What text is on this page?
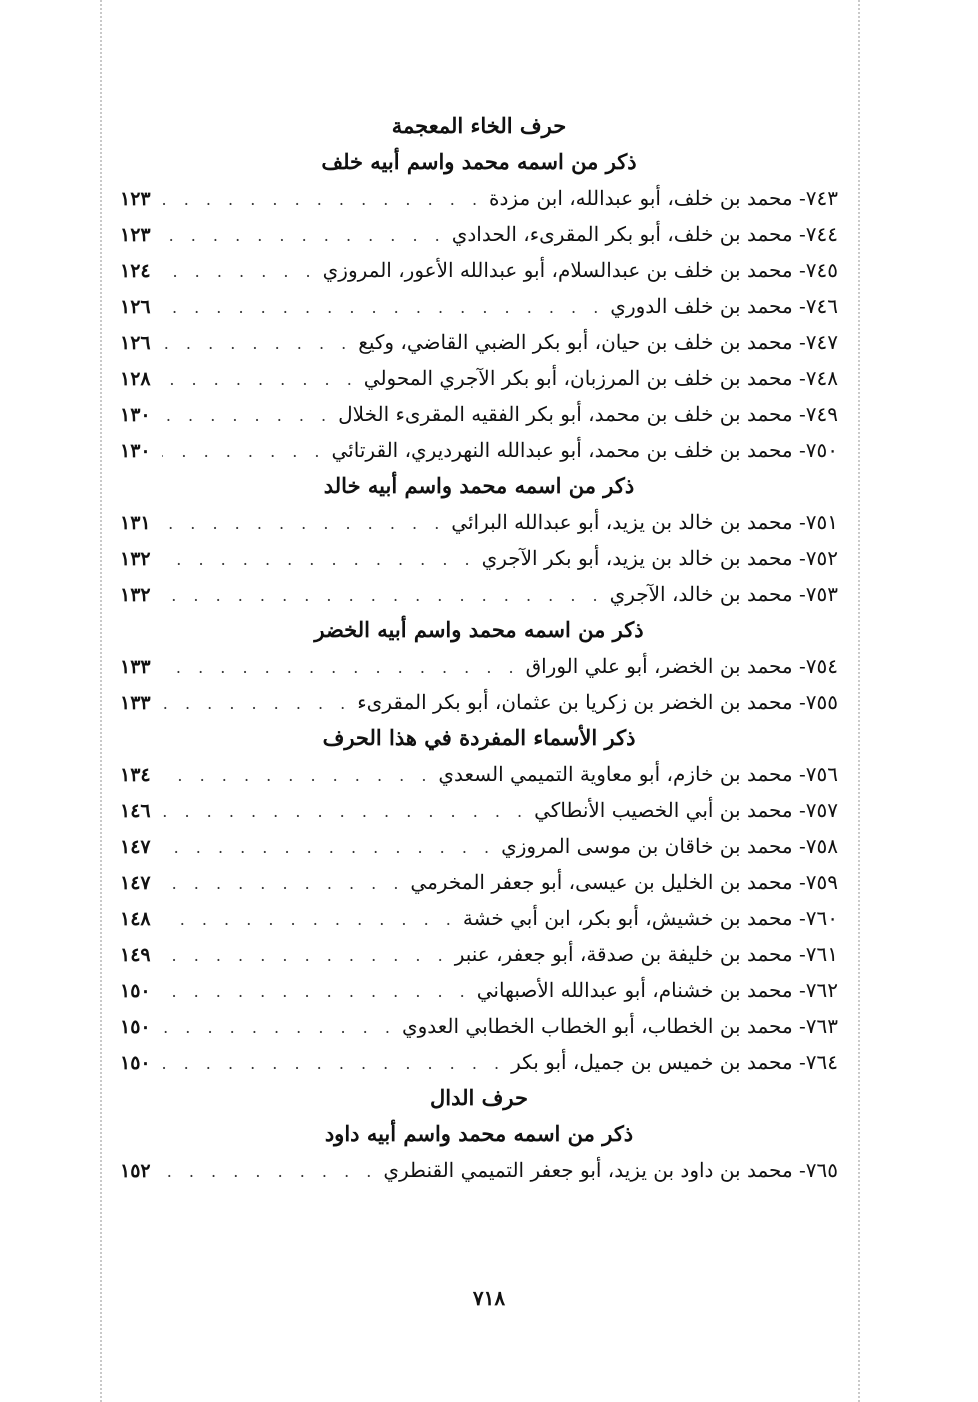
حرف الخاء المعجمة
ذكر من اسمه محمد واسم أبيه خلف
٧٤٣- محمد بن خلف، أبو عبدالله، ابن مزدة
. . .
١٢٣
٧٤٤- محمد بن خلف، أبو بكر المقرىء، الحدادي
. . .
١٢٣
٧٤٥- محمد بن خلف بن عبدالسلام، أبو عبدالله الأعور، المروزي
. . .
١٢٤
٧٤٦- محمد بن خلف الدوري
. . .
١٢٦
٧٤٧- محمد بن خلف بن حيان، أبو بكر الضبي القاضي، وكيع
. . .
١٢٦
٧٤٨- محمد بن خلف بن المرزبان، أبو بكر الآجري المحولي
. . .
١٢٨
٧٤٩- محمد بن خلف بن محمد، أبو بكر الفقيه المقرىء الخلال
. . .
١٣٠
٧٥٠- محمد بن خلف بن محمد، أبو عبدالله النهرديري، القرتائي
. . .
١٣٠
ذكر من اسمه محمد واسم أبيه خالد
٧٥١- محمد بن خالد بن يزيد، أبو عبدالله البرائي
. . .
١٣١
٧٥٢- محمد بن خالد بن يزيد، أبو بكر الآجري
. . .
١٣٢
٧٥٣- محمد بن خالد، الآجري
. . .
١٣٢
ذكر من اسمه محمد واسم أبيه الخضر
٧٥٤- محمد بن الخضر، أبو علي الوراق
. . .
١٣٣
٧٥٥- محمد بن الخضر بن زكريا بن عثمان، أبو بكر المقرىء
. . .
١٣٣
ذكر الأسماء المفردة في هذا الحرف
٧٥٦- محمد بن خازم، أبو معاوية التميمي السعدي
. . .
١٣٤
٧٥٧- محمد بن أبي الخصيب الأنطاكي
. . .
١٤٦
٧٥٨- محمد بن خاقان بن موسى المروزي
. . .
١٤٧
٧٥٩- محمد بن الخليل بن عيسى، أبو جعفر المخرمي
. . .
١٤٧
٧٦٠- محمد بن خشيش، أبو بكر، ابن أبي خشة
. . .
١٤٨
٧٦١- محمد بن خليفة بن صدقة، أبو جعفر، عنبر
. . .
١٤٩
٧٦٢- محمد بن خشنام، أبو عبدالله الأصبهاني
. . .
١٥٠
٧٦٣- محمد بن الخطاب، أبو الخطاب الخطابي العدوي
. . .
١٥٠
٧٦٤- محمد بن خميس بن جميل، أبو بكر
. . .
١٥٠
حرف الدال
ذكر من اسمه محمد واسم أبيه داود
٧٦٥- محمد بن داود بن يزيد، أبو جعفر التميمي القنطري
. . .
١٥٢
٧١٨
